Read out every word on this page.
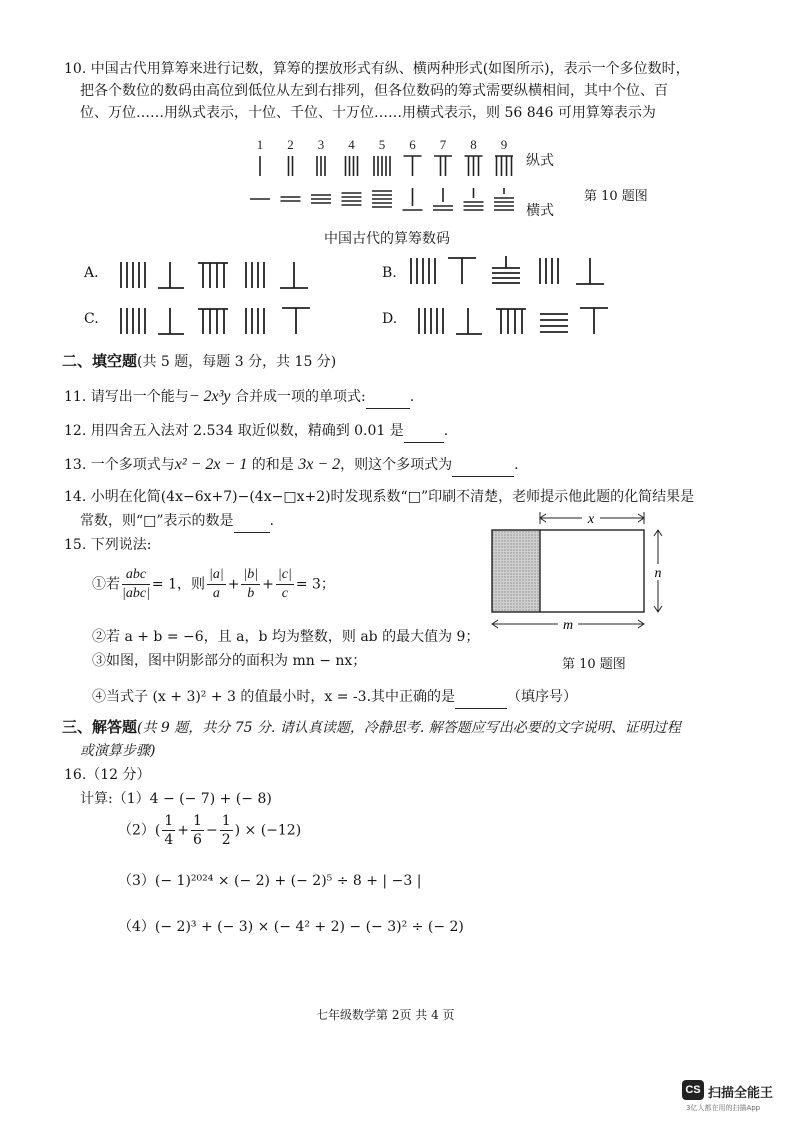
10. 中国古代用算筹来进行记数，算筹的摆放形式有纵、横两种形式(如图所示)，表示一个多位数时，
把各个数位的数码由高位到低位从左到右排列，但各位数码的筹式需要纵横相间，其中个位、百
位、万位……用纵式表示，十位、千位、十万位……用横式表示，则 56 846 可用算筹表示为
1 2 3 4 5 6 7 8 9
纵式
横式
第 10 题图
中国古代的算筹数码
A.	B.
C.	D.
二、填空题(共 5 题，每题 3 分，共 15 分)
11. 请写出一个能与− 2x³y 合并成一项的单项式:	.
12. 用四舍五入法对 2.534 取近似数，精确到 0.01 是	.
13. 一个多项式与x² − 2x − 1 的和是 3x − 2，则这个多项式为	.
14. 小明在化简(4x−6x+7)−(4x−□x+2)时发现系数“□”印刷不清楚，老师提示他此题的化简结果是
常数，则“□”表示的数是	.
15. 下列说法:
①若 $\frac{\text{abc}}{\text{|abc|}} = 1$，则 $\frac{|a|}{a} + \frac{|b|}{b} + \frac{|c|}{c} = 3$；
②若 a + b = −6，且 a，b 均为整数，则 ab 的最大值为 9；
③如图，图中阴影部分的面积为 mn − nx；
④当式子 (x + 3)² + 3 的值最小时，x = -3.其中正确的是	（填序号）
x
n
m
第 10 题图
三、解答题(共 9 题，共分 75 分. 请认真读题，冷静思考. 解答题应写出必要的文字说明、证明过程
或演算步骤)
16.（12 分）
计算:（1）4 − (− 7) + (− 8)
$(2)( \frac{1}{4} + \frac{1}{6} - \frac{1}{2}$ ) × (−12)
（3）(− 1)²⁰²⁴ × (− 2) + (− 2)⁵ ÷ 8 + | −3 |
（4）(− 2)³ + (− 3) × (− 4² + 2) − (− 3)² ÷ (− 2)
七年级数学第 2页 共 4 页
CS 扫描全能王
3亿人都在用的扫描App
